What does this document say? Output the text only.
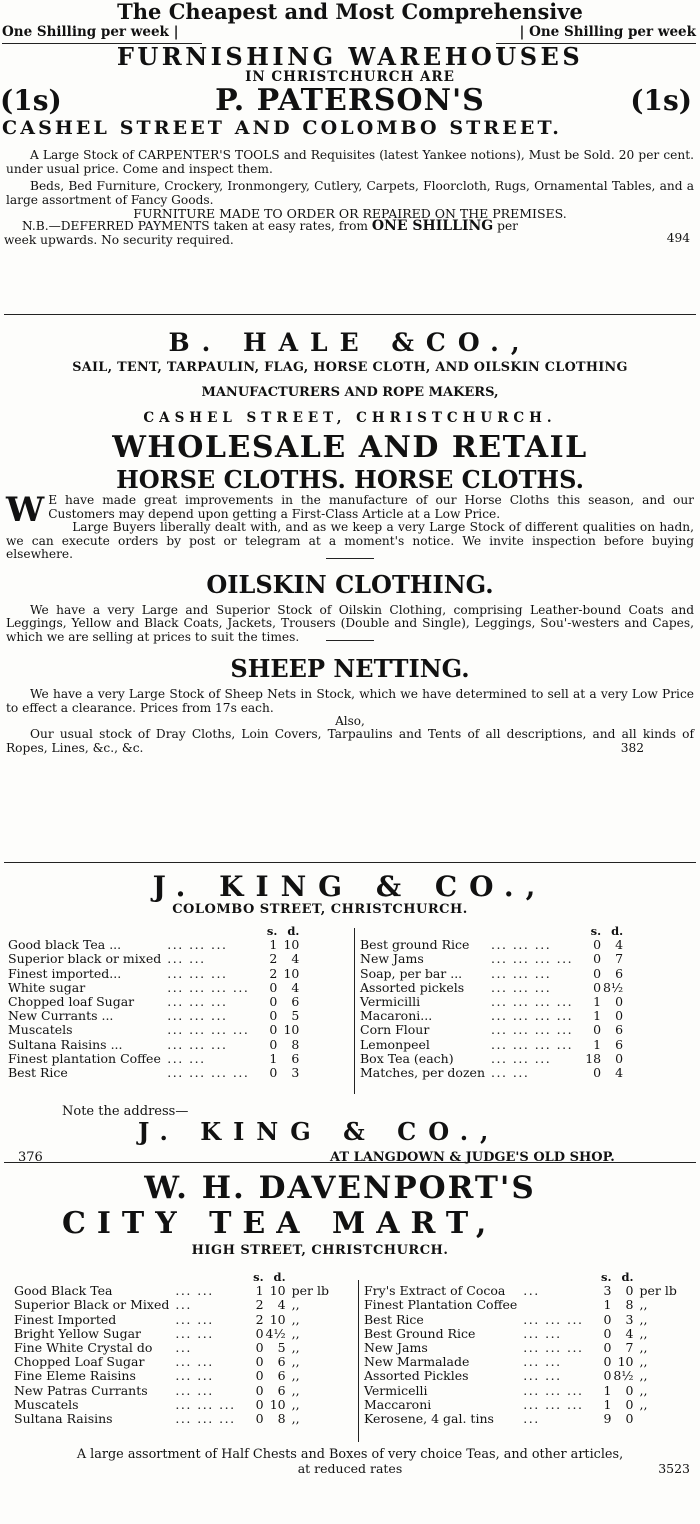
The Cheapest and Most Comprehensive
One Shilling per week |	| One Shilling per week
FURNISHING WAREHOUSES
IN CHRISTCHURCH ARE
(1s)	P. PATERSON'S	(1s)
CASHEL STREET AND COLOMBO STREET.
A Large Stock of CARPENTER'S TOOLS and Requisites (latest Yankee notions), Must be Sold. 20 per cent. under usual price. Come and inspect them.
Beds, Bed Furniture, Crockery, Ironmongery, Cutlery, Carpets, Floorcloth, Rugs, Ornamental Tables, and a large assortment of Fancy Goods.
FURNITURE MADE TO ORDER OR REPAIRED ON THE PREMISES.
N.B.—DEFERRED PAYMENTS taken at easy rates, from ONE SHILLING per
week upwards. No security required.	494
B. HALE &CO.,
SAIL, TENT, TARPAULIN, FLAG, HORSE CLOTH, AND OILSKIN CLOTHING
MANUFACTURERS AND ROPE MAKERS,
CASHEL STREET, CHRISTCHURCH.
WHOLESALE AND RETAIL
HORSE CLOTHS. HORSE CLOTHS.
W E have made great improvements in the manufacture of our Horse Cloths this season, and our Customers may depend upon getting a First-Class Article at a Low Price.
Large Buyers liberally dealt with, and as we keep a very Large Stock of different qualities on hadn, we can execute orders by post or telegram at a moment's notice. We invite inspection before buying elsewhere.
OILSKIN CLOTHING.
We have a very Large and Superior Stock of Oilskin Clothing, comprising Leather-bound Coats and Leggings, Yellow and Black Coats, Jackets, Trousers (Double and Single), Leggings, Sou'-westers and Capes, which we are selling at prices to suit the times.
SHEEP NETTING.
We have a very Large Stock of Sheep Nets in Stock, which we have determined to sell at a very Low Price to effect a clearance. Prices from 17s each.
Also,
Our usual stock of Dray Cloths, Loin Covers, Tarpaulins and Tents of all descriptions, and all kinds of Ropes, Lines, &c., &c.	382
J. KING & CO.,
COLOMBO STREET, CHRISTCHURCH.
		s.	d.
Good black Tea ...	... ... ...	1	10
Superior black or mixed	... ...	2	4
Finest imported...	... ... ...	2	10
White sugar	... ... ... ...	0	4
Chopped loaf Sugar	... ... ...	0	6
New Currants ...	... ... ...	0	5
Muscatels	... ... ... ...	0	10
Sultana Raisins ...	... ... ...	0	8
Finest plantation Coffee	... ...	1	6
Best Rice	... ... ... ...	0	3
		s.	d.
Best ground Rice	... ... ...	0	4
New Jams	... ... ... ...	0	7
Soap, per bar ...	... ... ...	0	6
Assorted pickels	... ... ...	0	8½
Vermicilli	... ... ... ...	1	0
Macaroni...	... ... ... ...	1	0
Corn Flour	... ... ... ...	0	6
Lemonpeel	... ... ... ...	1	6
Box Tea (each)	... ... ...	18	0
Matches, per dozen	... ...	0	4
Note the address—
J. KING & CO.,
376	AT LANGDOWN & JUDGE'S OLD SHOP.
W. H. DAVENPORT'S
CITY TEA MART,
HIGH STREET, CHRISTCHURCH.
		s.	d.	
Good Black Tea	... ...	1	10	per lb
Superior Black or Mixed	...	2	4	,,
Finest Imported	... ...	2	10	,,
Bright Yellow Sugar	... ...	0	4½	,,
Fine White Crystal do	...	0	5	,,
Chopped Loaf Sugar	... ...	0	6	,,
Fine Eleme Raisins	... ...	0	6	,,
New Patras Currants	... ...	0	6	,,
Muscatels	... ... ...	0	10	,,
Sultana Raisins	... ... ...	0	8	,,
		s.	d.	
Fry's Extract of Cocoa	...	3	0	per lb
Finest Plantation Coffee		1	8	,,
Best Rice	... ... ...	0	3	,,
Best Ground Rice	... ...	0	4	,,
New Jams	... ... ...	0	7	,,
New Marmalade	... ...	0	10	,,
Assorted Pickles	... ...	0	8½	,,
Vermicelli	... ... ...	1	0	,,
Maccaroni	... ... ...	1	0	,,
Kerosene, 4 gal. tins	...	9	0	
A large assortment of Half Chests and Boxes of very choice Teas, and other articles,
at reduced rates	3523
